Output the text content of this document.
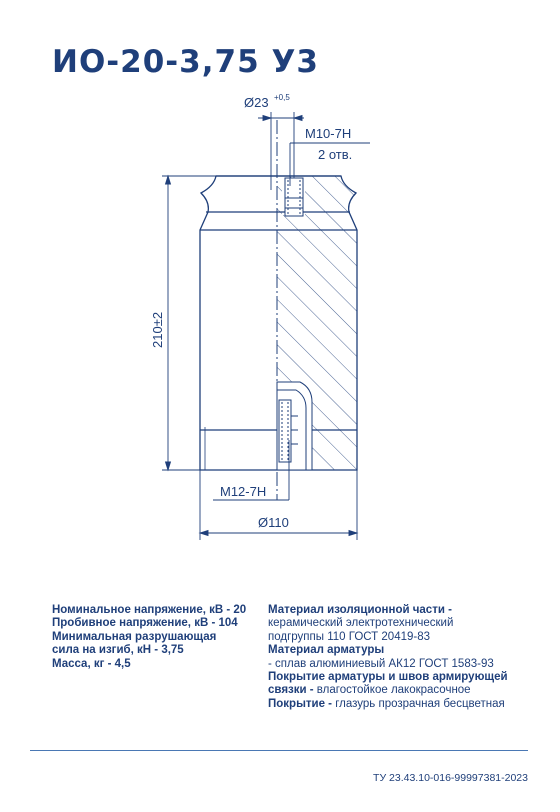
ИО-20-3,75 У3
Ø23 +0,5
M10-7H
2 отв.
210±2
M12-7H
Ø110
Номинальное напряжение, кВ - 20
Пробивное напряжение, кВ - 104
Минимальная разрушающая
сила на изгиб, кН - 3,75
Масса, кг - 4,5
Материал изоляционной части -
керамический электротехнический
подгруппы 110 ГОСТ 20419-83
Материал арматуры
- сплав алюминиевый АК12 ГОСТ 1583-93
Покрытие арматуры и швов армирующей
связки - влагостойкое лакокрасочное
Покрытие - глазурь прозрачная бесцветная
ТУ 23.43.10-016-99997381-2023
